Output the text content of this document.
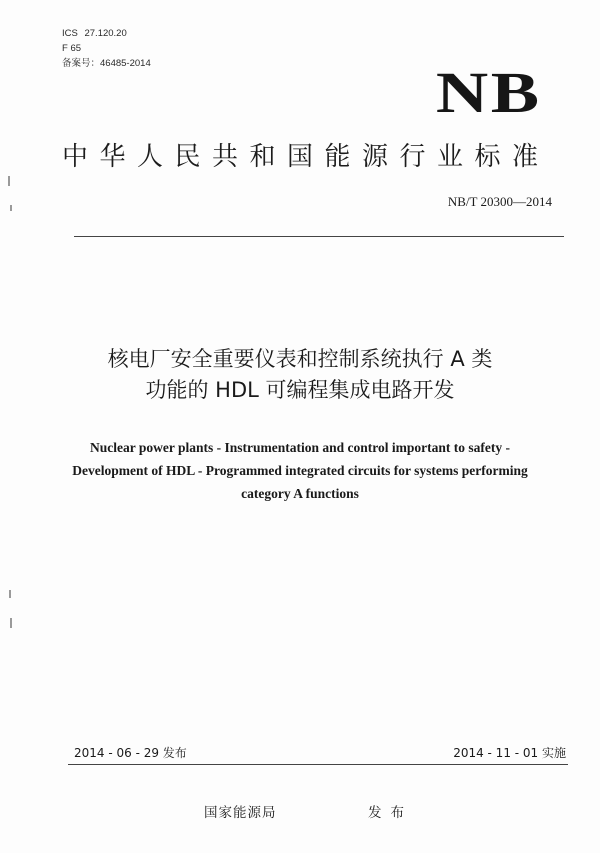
ICS 27.120.20
F 65
备案号：46485-2014	NB
中华人民共和国能源行业标准
NB/T 20300—2014
核电厂安全重要仪表和控制系统执行 A 类
功能的 HDL 可编程集成电路开发
Nuclear power plants - Instrumentation and control important to safety -
Development of HDL - Programmed integrated circuits for systems performing
category A functions
2014 - 06 - 29 发布	2014 - 11 - 01 实施
国家能源局	发布
